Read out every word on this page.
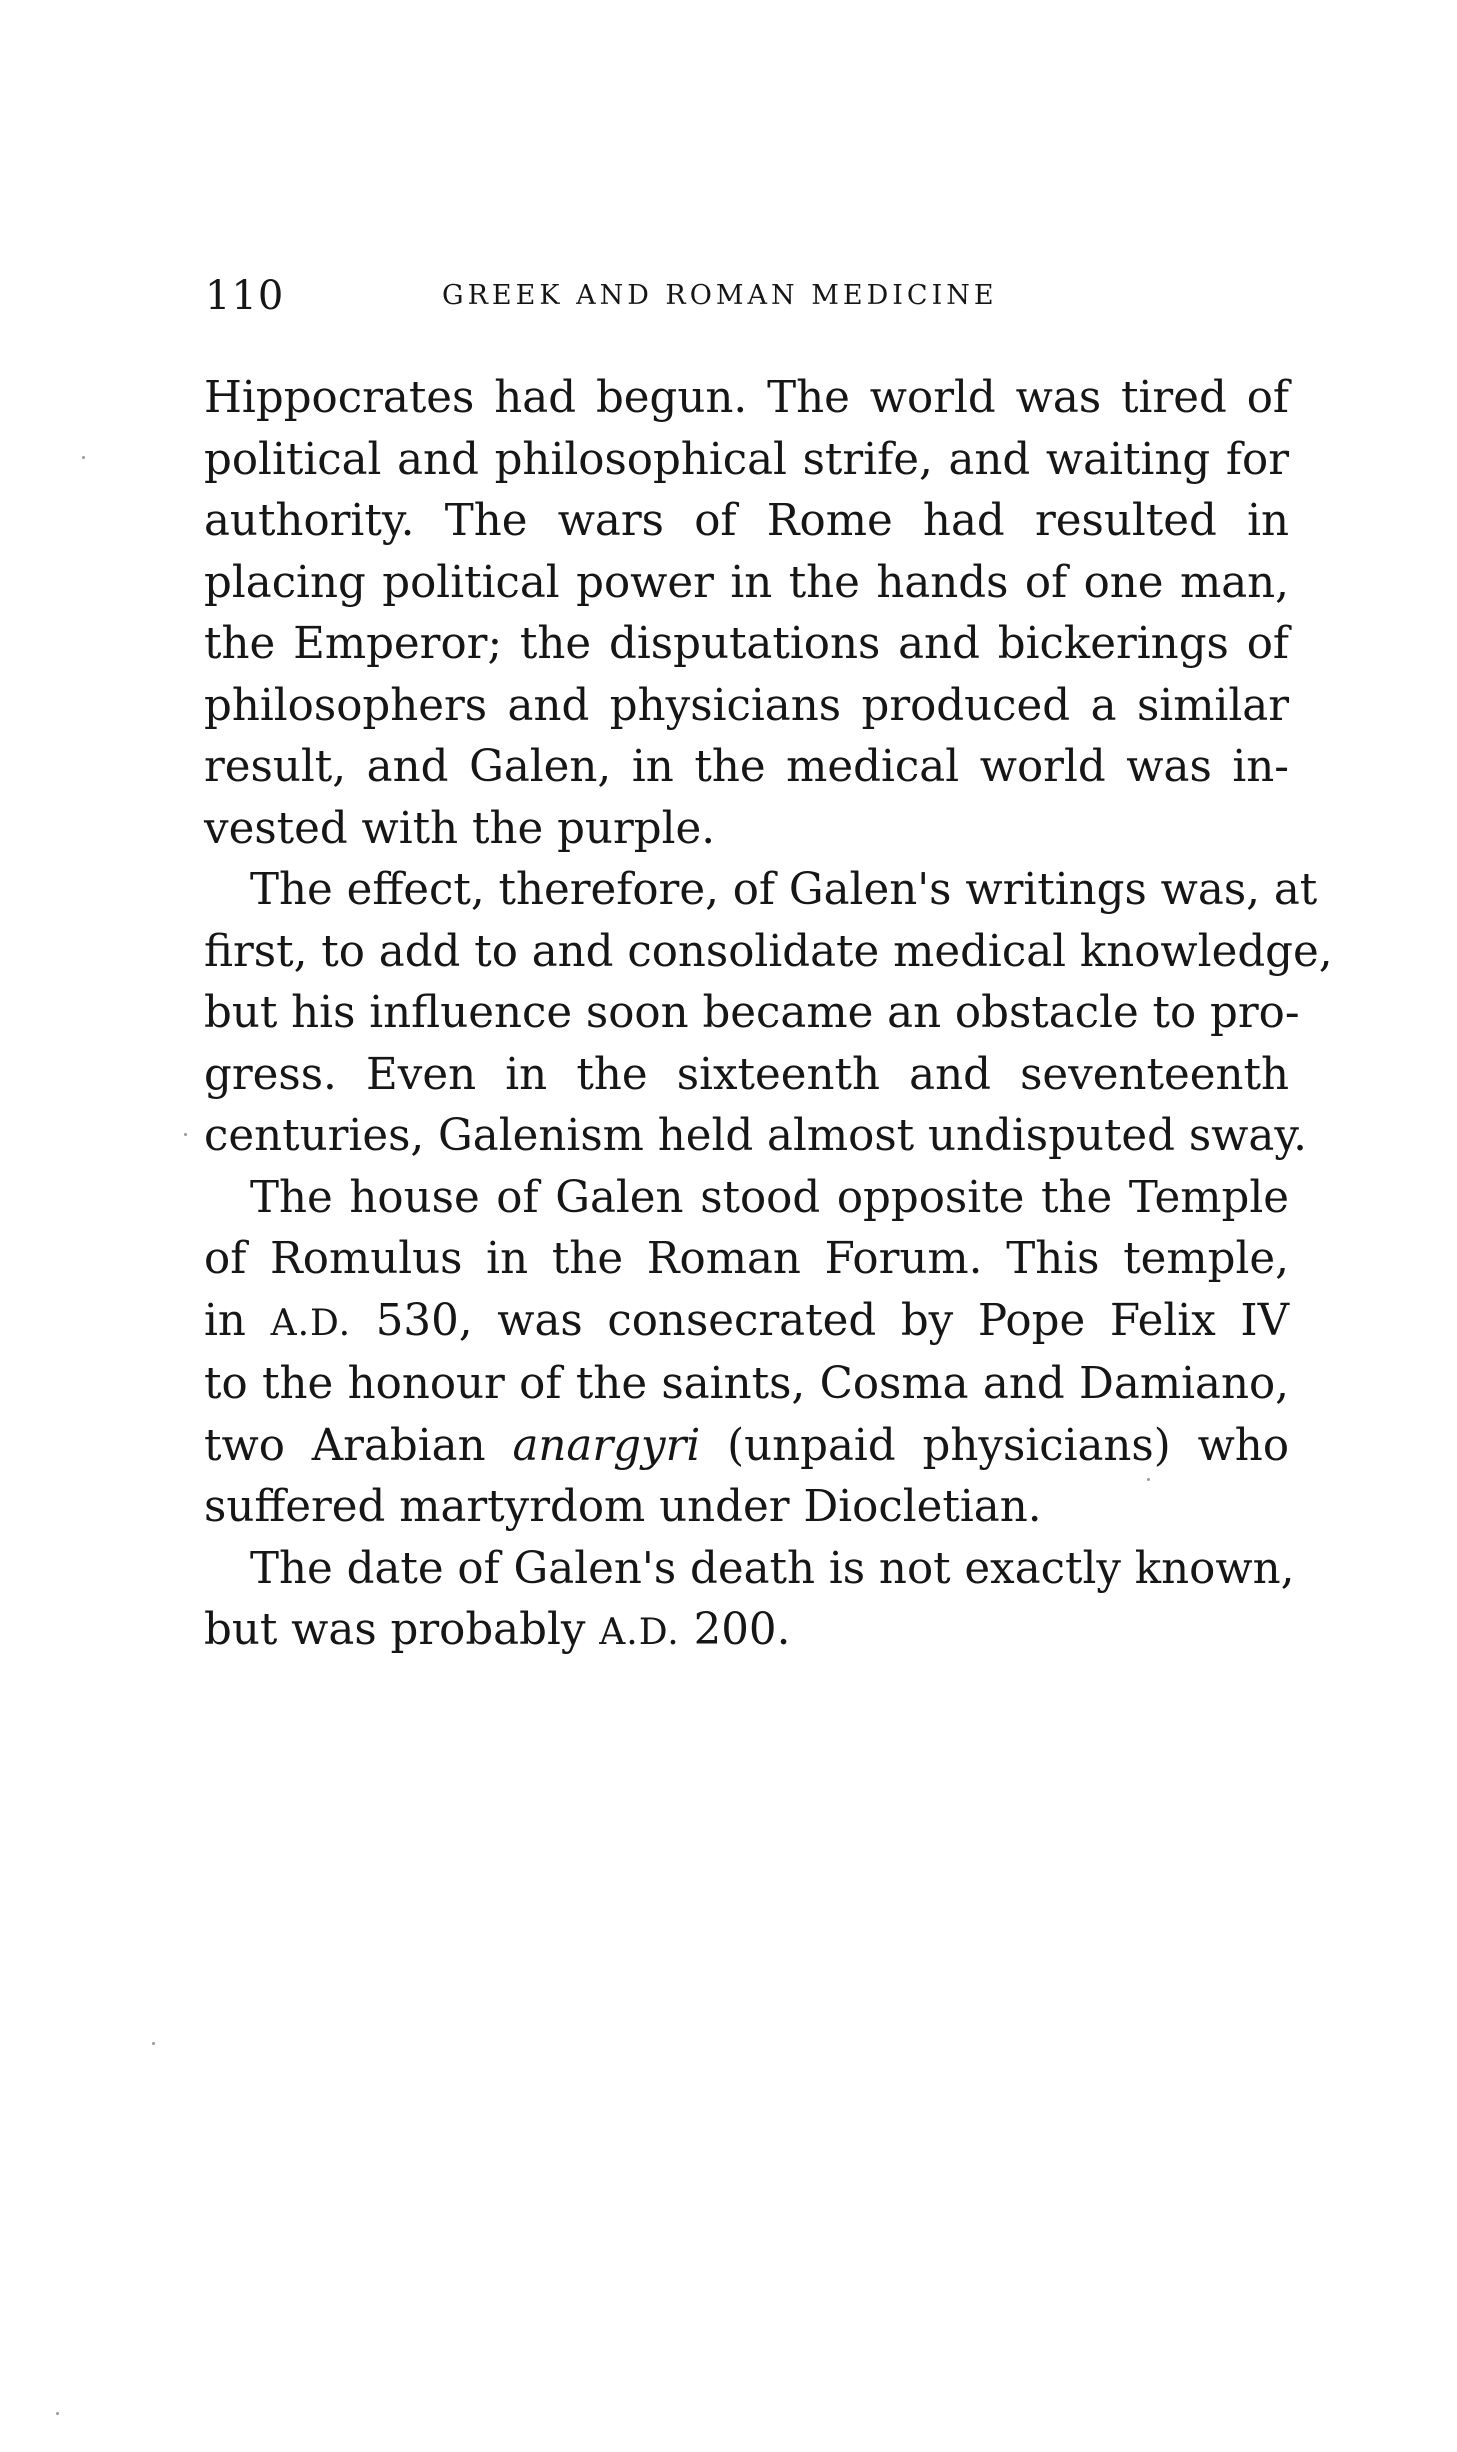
110	GREEK AND ROMAN MEDICINE
Hippocrates had begun. The world was tired of
political and philosophical strife, and waiting for
authority. The wars of Rome had resulted in
placing political power in the hands of one man,
the Emperor; the disputations and bickerings of
philosophers and physicians produced a similar
result, and Galen, in the medical world was in-
vested with the purple.
The effect, therefore, of Galen's writings was, at
first, to add to and consolidate medical knowledge,
but his influence soon became an obstacle to pro-
gress. Even in the sixteenth and seventeenth
centuries, Galenism held almost undisputed sway.
The house of Galen stood opposite the Temple
of Romulus in the Roman Forum. This temple,
in A.D. 530, was consecrated by Pope Felix IV
to the honour of the saints, Cosma and Damiano,
two Arabian anargyri (unpaid physicians) who
suffered martyrdom under Diocletian.
The date of Galen's death is not exactly known,
but was probably A.D. 200.
